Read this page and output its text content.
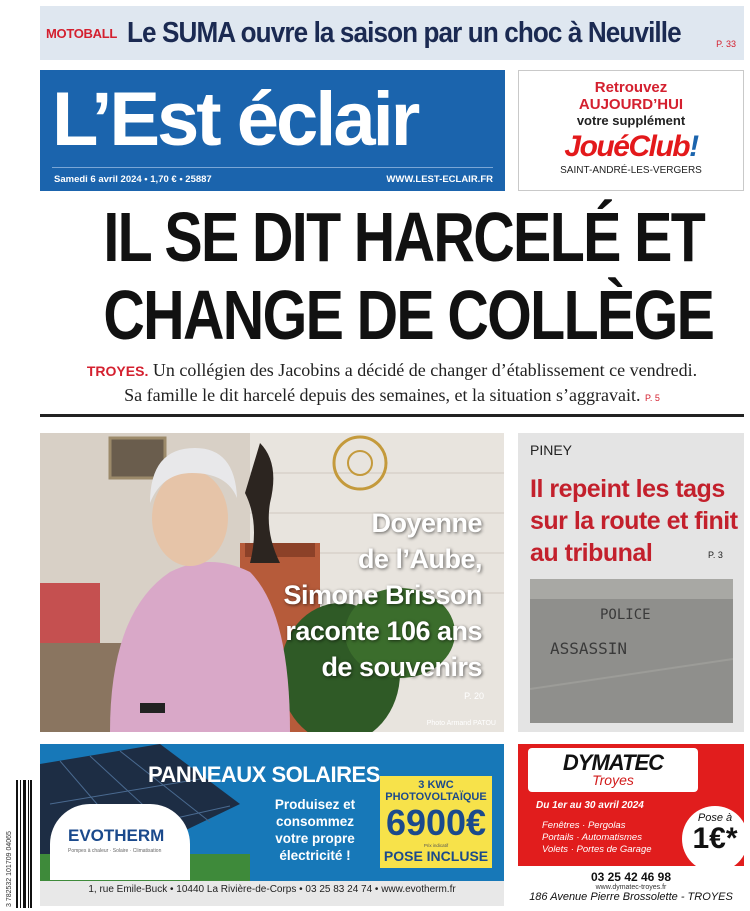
MOTOBALL Le SUMA ouvre la saison par un choc à Neuville	P. 33
L’Est éclair
Samedi 6 avril 2024 • 1,70 € • 25887	WWW.LEST-ECLAIR.FR
Retrouvez
AUJOURD’HUI
votre supplément
JouéClub!
SAINT-ANDRÉ-LES-VERGERS
IL SE DIT HARCELÉ ET
CHANGE DE COLLÈGE
TROYES. Un collégien des Jacobins a décidé de changer d’établissement ce vendredi.
Sa famille le dit harcelé depuis des semaines, et la situation s’aggravait. P. 5
Doyenne
de l’Aube,
Simone Brisson
raconte 106 ans
de souvenirs
P. 20
Photo Armand PATOU
PINEY
Il repeint les tags sur la route et finit au tribunal	P. 3
POLICE
ASSASSIN
3 782532 101709 04065
PANNEAUX SOLAIRES
Produisez et consommez votre propre électricité !
3 KWC PHOTOVOLTAÏQUE
6900€
Prix indicatif
POSE INCLUSE
EVOTHERM
Pompes à chaleur · Solaire · Climatisation
1, rue Emile-Buck • 10440 La Rivière-de-Corps • 03 25 83 24 74 • www.evotherm.fr
DYMATEC
Troyes
Du 1er au 30 avril 2024
Fenêtres · Pergolas
Portails · Automatismes
Volets · Portes de Garage
Pose à
1€*
03 25 42 46 98
www.dymatec-troyes.fr
186 Avenue Pierre Brossolette - TROYES
